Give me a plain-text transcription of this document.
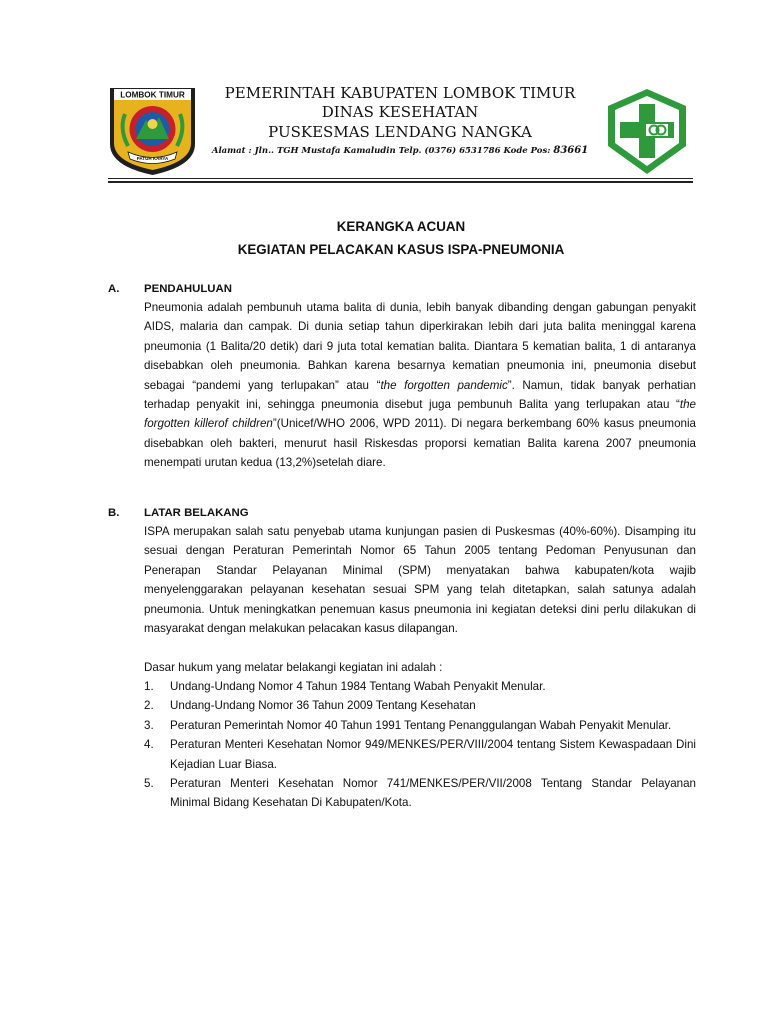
LOMBOK TIMUR
PATUH KARYA
PEMERINTAH KABUPATEN LOMBOK TIMUR
DINAS KESEHATAN
PUSKESMAS LENDANG NANGKA
Alamat : Jln.. TGH Mustafa Kamaludin Telp. (0376) 6531786 Kode Pos: 83661
KERANGKA ACUAN
KEGIATAN PELACAKAN KASUS ISPA-PNEUMONIA
A. PENDAHULUAN
Pneumonia adalah pembunuh utama balita di dunia, lebih banyak dibanding dengan gabungan penyakit AIDS, malaria dan campak. Di dunia setiap tahun diperkirakan lebih dari juta balita meninggal karena pneumonia (1 Balita/20 detik) dari 9 juta total kematian balita. Diantara 5 kematian balita, 1 di antaranya disebabkan oleh pneumonia. Bahkan karena besarnya kematian pneumonia ini, pneumonia disebut sebagai “pandemi yang terlupakan” atau “the forgotten pandemic”. Namun, tidak banyak perhatian terhadap penyakit ini, sehingga pneumonia disebut juga pembunuh Balita yang terlupakan atau “the forgotten killerof children”(Unicef/WHO 2006, WPD 2011). Di negara berkembang 60% kasus pneumonia disebabkan oleh bakteri, menurut hasil Riskesdas proporsi kematian Balita karena 2007 pneumonia menempati urutan kedua (13,2%)setelah diare.
B. LATAR BELAKANG
ISPA merupakan salah satu penyebab utama kunjungan pasien di Puskesmas (40%-60%). Disamping itu sesuai dengan Peraturan Pemerintah Nomor 65 Tahun 2005 tentang Pedoman Penyusunan dan Penerapan Standar Pelayanan Minimal (SPM) menyatakan bahwa kabupaten/kota wajib menyelenggarakan pelayanan kesehatan sesuai SPM yang telah ditetapkan, salah satunya adalah pneumonia. Untuk meningkatkan penemuan kasus pneumonia ini kegiatan deteksi dini perlu dilakukan di masyarakat dengan melakukan pelacakan kasus dilapangan.
Dasar hukum yang melatar belakangi kegiatan ini adalah :
1. Undang-Undang Nomor 4 Tahun 1984 Tentang Wabah Penyakit Menular.
2. Undang-Undang Nomor 36 Tahun 2009 Tentang Kesehatan
3. Peraturan Pemerintah Nomor 40 Tahun 1991 Tentang Penanggulangan Wabah Penyakit Menular.
4. Peraturan Menteri Kesehatan Nomor 949/MENKES/PER/VIII/2004 tentang Sistem Kewaspadaan Dini Kejadian Luar Biasa.
5. Peraturan Menteri Kesehatan Nomor 741/MENKES/PER/VII/2008 Tentang Standar Pelayanan Minimal Bidang Kesehatan Di Kabupaten/Kota.
